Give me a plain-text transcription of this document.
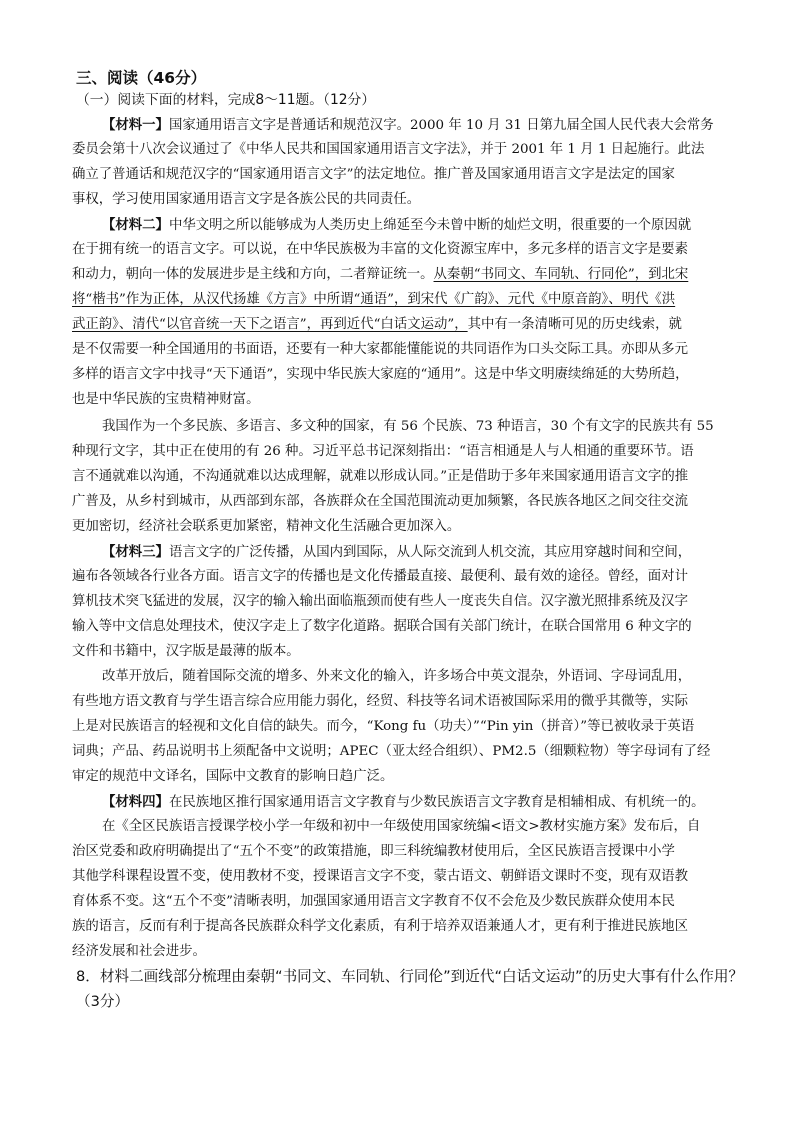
三、阅读（46分）
（一）阅读下面的材料，完成8～11题。（12分）
【材料一】国家通用语言文字是普通话和规范汉字。2000 年 10 月 31 日第九届全国人民代表大会常务
委员会第十八次会议通过了《中华人民共和国国家通用语言文字法》，并于 2001 年 1 月 1 日起施行。此法
确立了普通话和规范汉字的“国家通用语言文字”的法定地位。推广普及国家通用语言文字是法定的国家
事权，学习使用国家通用语言文字是各族公民的共同责任。
【材料二】中华文明之所以能够成为人类历史上绵延至今未曾中断的灿烂文明，很重要的一个原因就
在于拥有统一的语言文字。可以说，在中华民族极为丰富的文化资源宝库中，多元多样的语言文字是要素
和动力，朝向一体的发展进步是主线和方向，二者辩证统一。从秦朝“书同文、车同轨、行同伦”，到北宋
将“楷书”作为正体，从汉代扬雄《方言》中所谓“通语”，到宋代《广韵》、元代《中原音韵》、明代《洪
武正韵》、清代“以官音统一天下之语言”，再到近代“白话文运动”，其中有一条清晰可见的历史线索，就
是不仅需要一种全国通用的书面语，还要有一种大家都能懂能说的共同语作为口头交际工具。亦即从多元
多样的语言文字中找寻“天下通语”，实现中华民族大家庭的“通用”。这是中华文明赓续绵延的大势所趋，
也是中华民族的宝贵精神财富。
我国作为一个多民族、多语言、多文种的国家，有 56 个民族、73 种语言，30 个有文字的民族共有 55
种现行文字，其中正在使用的有 26 种。习近平总书记深刻指出：“语言相通是人与人相通的重要环节。语
言不通就难以沟通，不沟通就难以达成理解，就难以形成认同。”正是借助于多年来国家通用语言文字的推
广普及，从乡村到城市，从西部到东部，各族群众在全国范围流动更加频繁，各民族各地区之间交往交流
更加密切，经济社会联系更加紧密，精神文化生活融合更加深入。
【材料三】语言文字的广泛传播，从国内到国际，从人际交流到人机交流，其应用穿越时间和空间，
遍布各领域各行业各方面。语言文字的传播也是文化传播最直接、最便利、最有效的途径。曾经，面对计
算机技术突飞猛进的发展，汉字的输入输出面临瓶颈而使有些人一度丧失自信。汉字激光照排系统及汉字
输入等中文信息处理技术，使汉字走上了数字化道路。据联合国有关部门统计，在联合国常用 6 种文字的
文件和书籍中，汉字版是最薄的版本。
改革开放后，随着国际交流的增多、外来文化的输入，许多场合中英文混杂，外语词、字母词乱用，
有些地方语文教育与学生语言综合应用能力弱化，经贸、科技等名词术语被国际采用的微乎其微等，实际
上是对民族语言的轻视和文化自信的缺失。而今，“Kong fu（功夫）”“Pin yin（拼音）”等已被收录于英语
词典；产品、药品说明书上须配备中文说明；APEC（亚太经合组织）、PM2.5（细颗粒物）等字母词有了经
审定的规范中文译名，国际中文教育的影响日趋广泛。
【材料四】在民族地区推行国家通用语言文字教育与少数民族语言文字教育是相辅相成、有机统一的。
在《全区民族语言授课学校小学一年级和初中一年级使用国家统编<语文>教材实施方案》发布后，自
治区党委和政府明确提出了“五个不变”的政策措施，即三科统编教材使用后，全区民族语言授课中小学
其他学科课程设置不变，使用教材不变，授课语言文字不变，蒙古语文、朝鲜语文课时不变，现有双语教
育体系不变。这“五个不变”清晰表明，加强国家通用语言文字教育不仅不会危及少数民族群众使用本民
族的语言，反而有利于提高各民族群众科学文化素质，有利于培养双语兼通人才，更有利于推进民族地区
经济发展和社会进步。
8．材料二画线部分梳理由秦朝“书同文、车同轨、行同伦”到近代“白话文运动”的历史大事有什么作用？
（3分）
